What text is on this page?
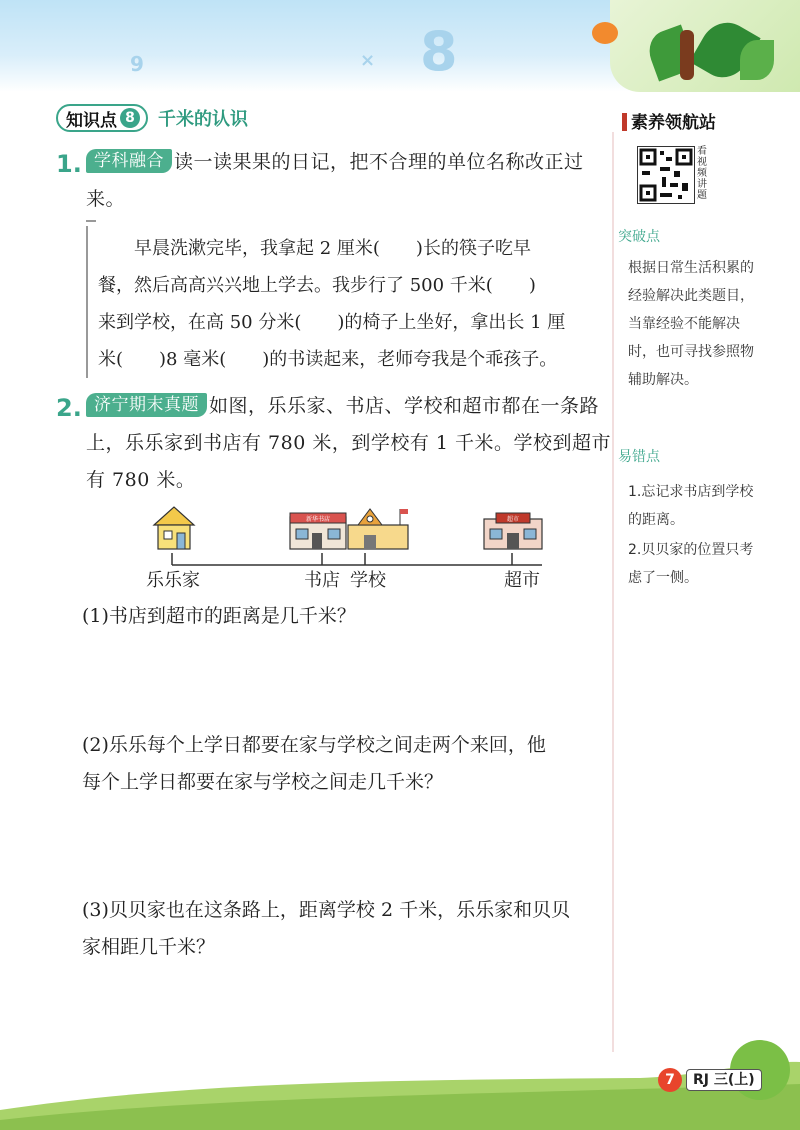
9	8
×
知识点 8 千米的认识	素养领航站
看视频讲题
突破点
根据日常生活积累的经验解决此类题目，当靠经验不能解决时，也可寻找参照物辅助解决。
易错点
1.忘记求书店到学校的距离。
2.贝贝家的位置只考虑了一侧。
1. 学科融合 读一读果果的日记，把不合理的单位名称改正过来。
早晨洗漱完毕，我拿起 2 厘米(　　)长的筷子吃早
餐，然后高高兴兴地上学去。我步行了 500 千米(　　)
来到学校，在高 50 分米(　　)的椅子上坐好，拿出长 1 厘
米(　　)8 毫米(　　)的书读起来，老师夸我是个乖孩子。
2. 济宁期末真题 如图，乐乐家、书店、学校和超市都在一条路
上，乐乐家到书店有 780 米，到学校有 1 千米。学校到超市
有 780 米。
新华书店	超市
乐乐家	书店 学校	超市
(1)书店到超市的距离是几千米？
(2)乐乐每个上学日都要在家与学校之间走两个来回，他
每个上学日都要在家与学校之间走几千米？
(3)贝贝家也在这条路上，距离学校 2 千米，乐乐家和贝贝
家相距几千米？
7	RJ 三(上)
